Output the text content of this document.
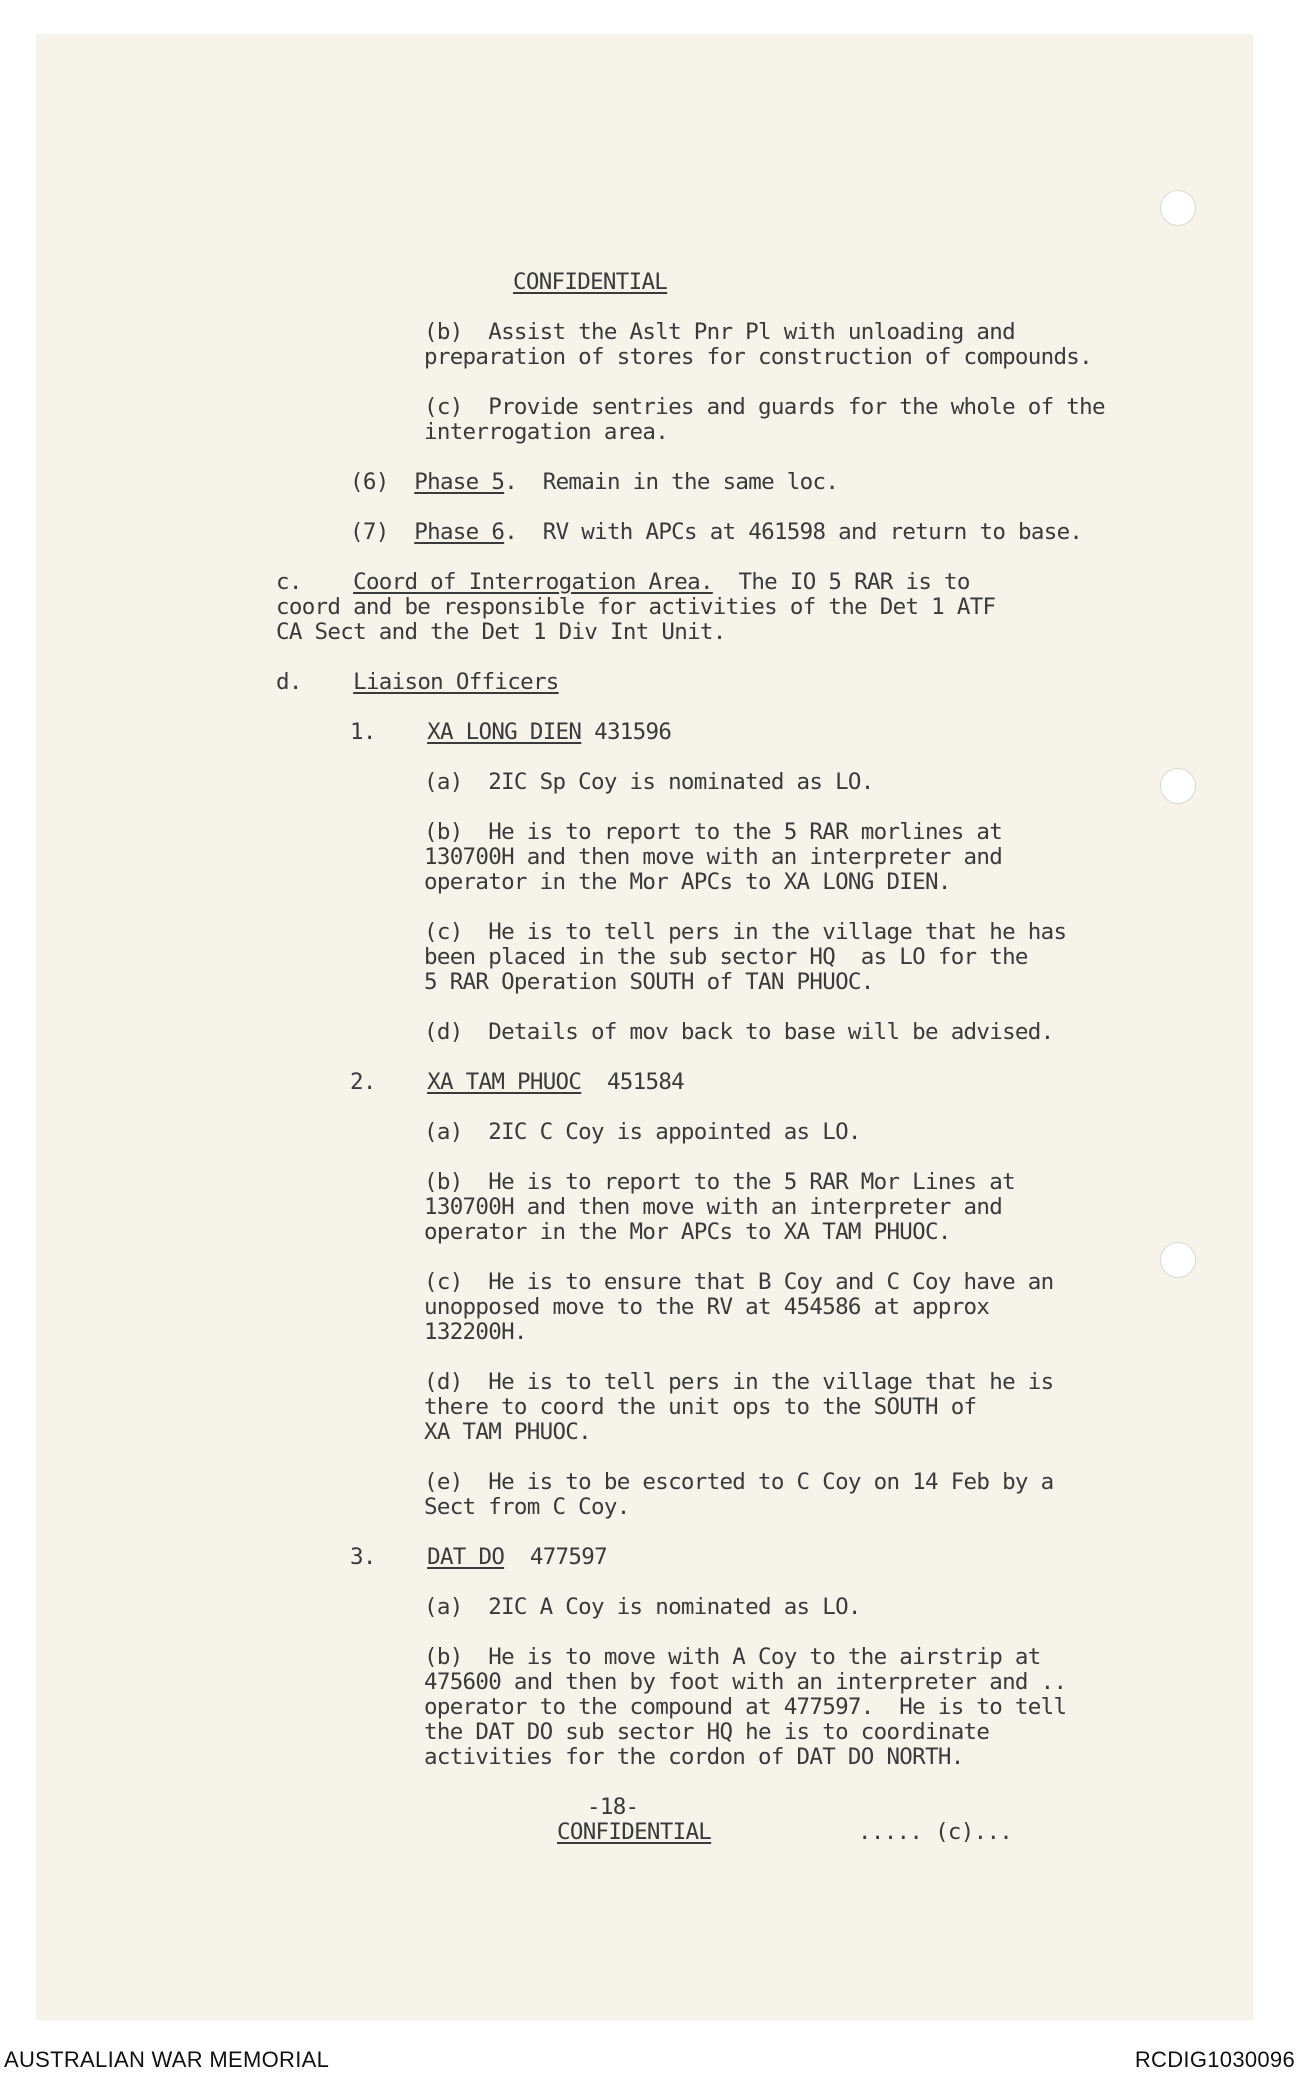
CONFIDENTIAL
(b)  Assist the Aslt Pnr Pl with unloading and
preparation of stores for construction of compounds.
(c)  Provide sentries and guards for the whole of the
interrogation area.
(6) Phase 5.  Remain in the same loc.
(7) Phase 6.  RV with APCs at 461598 and return to base.
c. Coord of Interrogation Area.  The IO 5 RAR is to
coord and be responsible for activities of the Det 1 ATF
CA Sect and the Det 1 Div Int Unit.
d. Liaison Officers
1. XA LONG DIEN 431596
(a)  2IC Sp Coy is nominated as LO.
(b)  He is to report to the 5 RAR morlines at
130700H and then move with an interpreter and
operator in the Mor APCs to XA LONG DIEN.
(c)  He is to tell pers in the village that he has
been placed in the sub sector HQ  as LO for the
5 RAR Operation SOUTH of TAN PHUOC.
(d)  Details of mov back to base will be advised.
2. XA TAM PHUOC  451584
(a)  2IC C Coy is appointed as LO.
(b)  He is to report to the 5 RAR Mor Lines at
130700H and then move with an interpreter and
operator in the Mor APCs to XA TAM PHUOC.
(c)  He is to ensure that B Coy and C Coy have an
unopposed move to the RV at 454586 at approx
132200H.
(d)  He is to tell pers in the village that he is
there to coord the unit ops to the SOUTH of
XA TAM PHUOC.
(e)  He is to be escorted to C Coy on 14 Feb by a
Sect from C Coy.
3. DAT DO  477597
(a)  2IC A Coy is nominated as LO.
(b)  He is to move with A Coy to the airstrip at
475600 and then by foot with an interpreter and ..
operator to the compound at 477597.  He is to tell
the DAT DO sub sector HQ he is to coordinate
activities for the cordon of DAT DO NORTH.
-18-
CONFIDENTIAL	..... (c)...
AUSTRALIAN WAR MEMORIAL	RCDIG1030096
